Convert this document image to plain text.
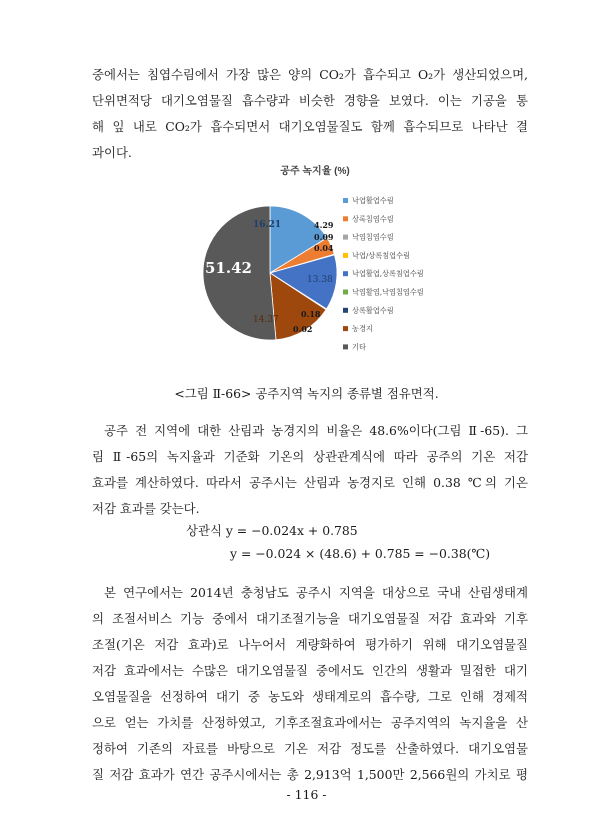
중에서는 침엽수림에서 가장 많은 양의 CO₂가 흡수되고 O₂가 생산되었으며,
단위면적당 대기오염물질 흡수량과 비슷한 경향을 보였다. 이는 기공을 통
해 잎 내로 CO₂가 흡수되면서 대기오염물질도 함께 흡수되므로 나타난 결
과이다.
공주 녹지율 (%)
16.21	4.29
0.09
0.04
13.38
0.18
0.02
14.37
51.42
낙엽활엽수림
상록침엽수림
낙엽침엽수림
낙엽/상록침엽수림
낙엽활엽,상록침엽수림
낙엽활엽,낙엽침엽수림
상록활엽수림
농경지
기타
<그림 Ⅱ-66> 공주지역 녹지의 종류별 점유면적.
공주 전 지역에 대한 산림과 농경지의 비율은 48.6%이다(그림 Ⅱ-65). 그
림 Ⅱ-65의 녹지율과 기준화 기온의 상관관계식에 따라 공주의 기온 저감
효과를 계산하였다. 따라서 공주시는 산림과 농경지로 인해 0.38 ℃의 기온
저감 효과를 갖는다.
상관식 y = −0.024x + 0.785
y = −0.024 × (48.6) + 0.785 = −0.38(℃)
본 연구에서는 2014년 충청남도 공주시 지역을 대상으로 국내 산림생태계
의 조절서비스 기능 중에서 대기조절기능을 대기오염물질 저감 효과와 기후
조절(기온 저감 효과)로 나누어서 계량화하여 평가하기 위해 대기오염물질
저감 효과에서는 수많은 대기오염물질 중에서도 인간의 생활과 밀접한 대기
오염물질을 선정하여 대기 중 농도와 생태계로의 흡수량, 그로 인해 경제적
으로 얻는 가치를 산정하였고, 기후조절효과에서는 공주지역의 녹지율을 산
정하여 기존의 자료를 바탕으로 기온 저감 정도를 산출하였다. 대기오염물
질 저감 효과가 연간 공주시에서는 총 2,913억 1,500만 2,566원의 가치로 평
- 116 -
